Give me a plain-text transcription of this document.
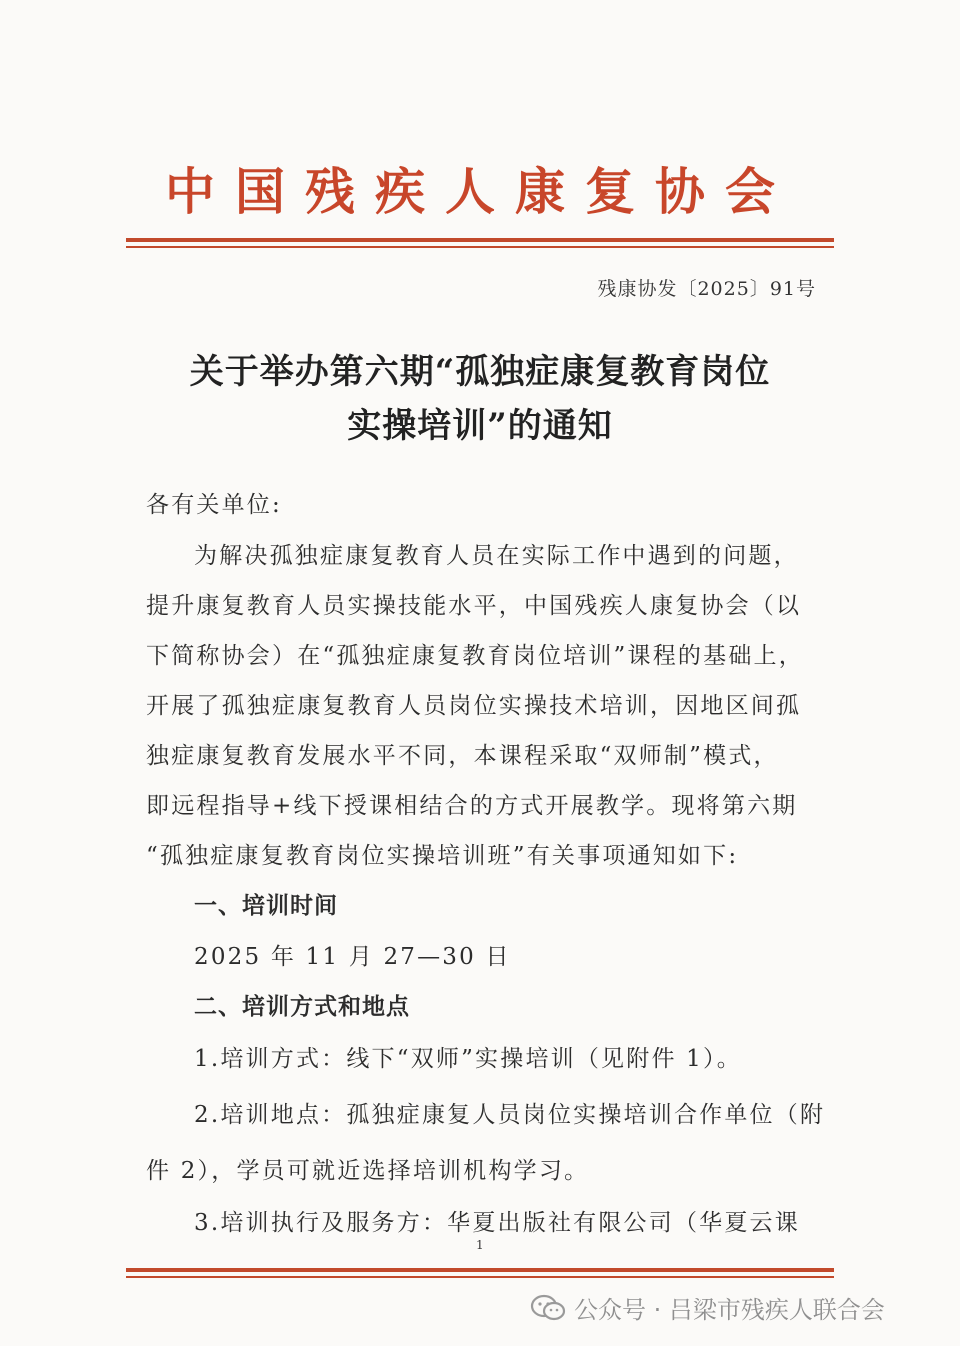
中国残疾人康复协会
残康协发〔2025〕91号
关于举办第六期“孤独症康复教育岗位
实操培训”的通知
各有关单位:
为解决孤独症康复教育人员在实际工作中遇到的问题，
提升康复教育人员实操技能水平，中国残疾人康复协会（以
下简称协会）在“孤独症康复教育岗位培训”课程的基础上，
开展了孤独症康复教育人员岗位实操技术培训，因地区间孤
独症康复教育发展水平不同，本课程采取“双师制”模式，
即远程指导+线下授课相结合的方式开展教学。现将第六期
“孤独症康复教育岗位实操培训班”有关事项通知如下:
一、培训时间
2025 年 11 月 27—30 日
二、培训方式和地点
1.培训方式：线下“双师”实操培训（见附件 1）。
2.培训地点：孤独症康复人员岗位实操培训合作单位（附
件 2），学员可就近选择培训机构学习。
3.培训执行及服务方：华夏出版社有限公司（华夏云课
1
公众号 · 吕梁市残疾人联合会
